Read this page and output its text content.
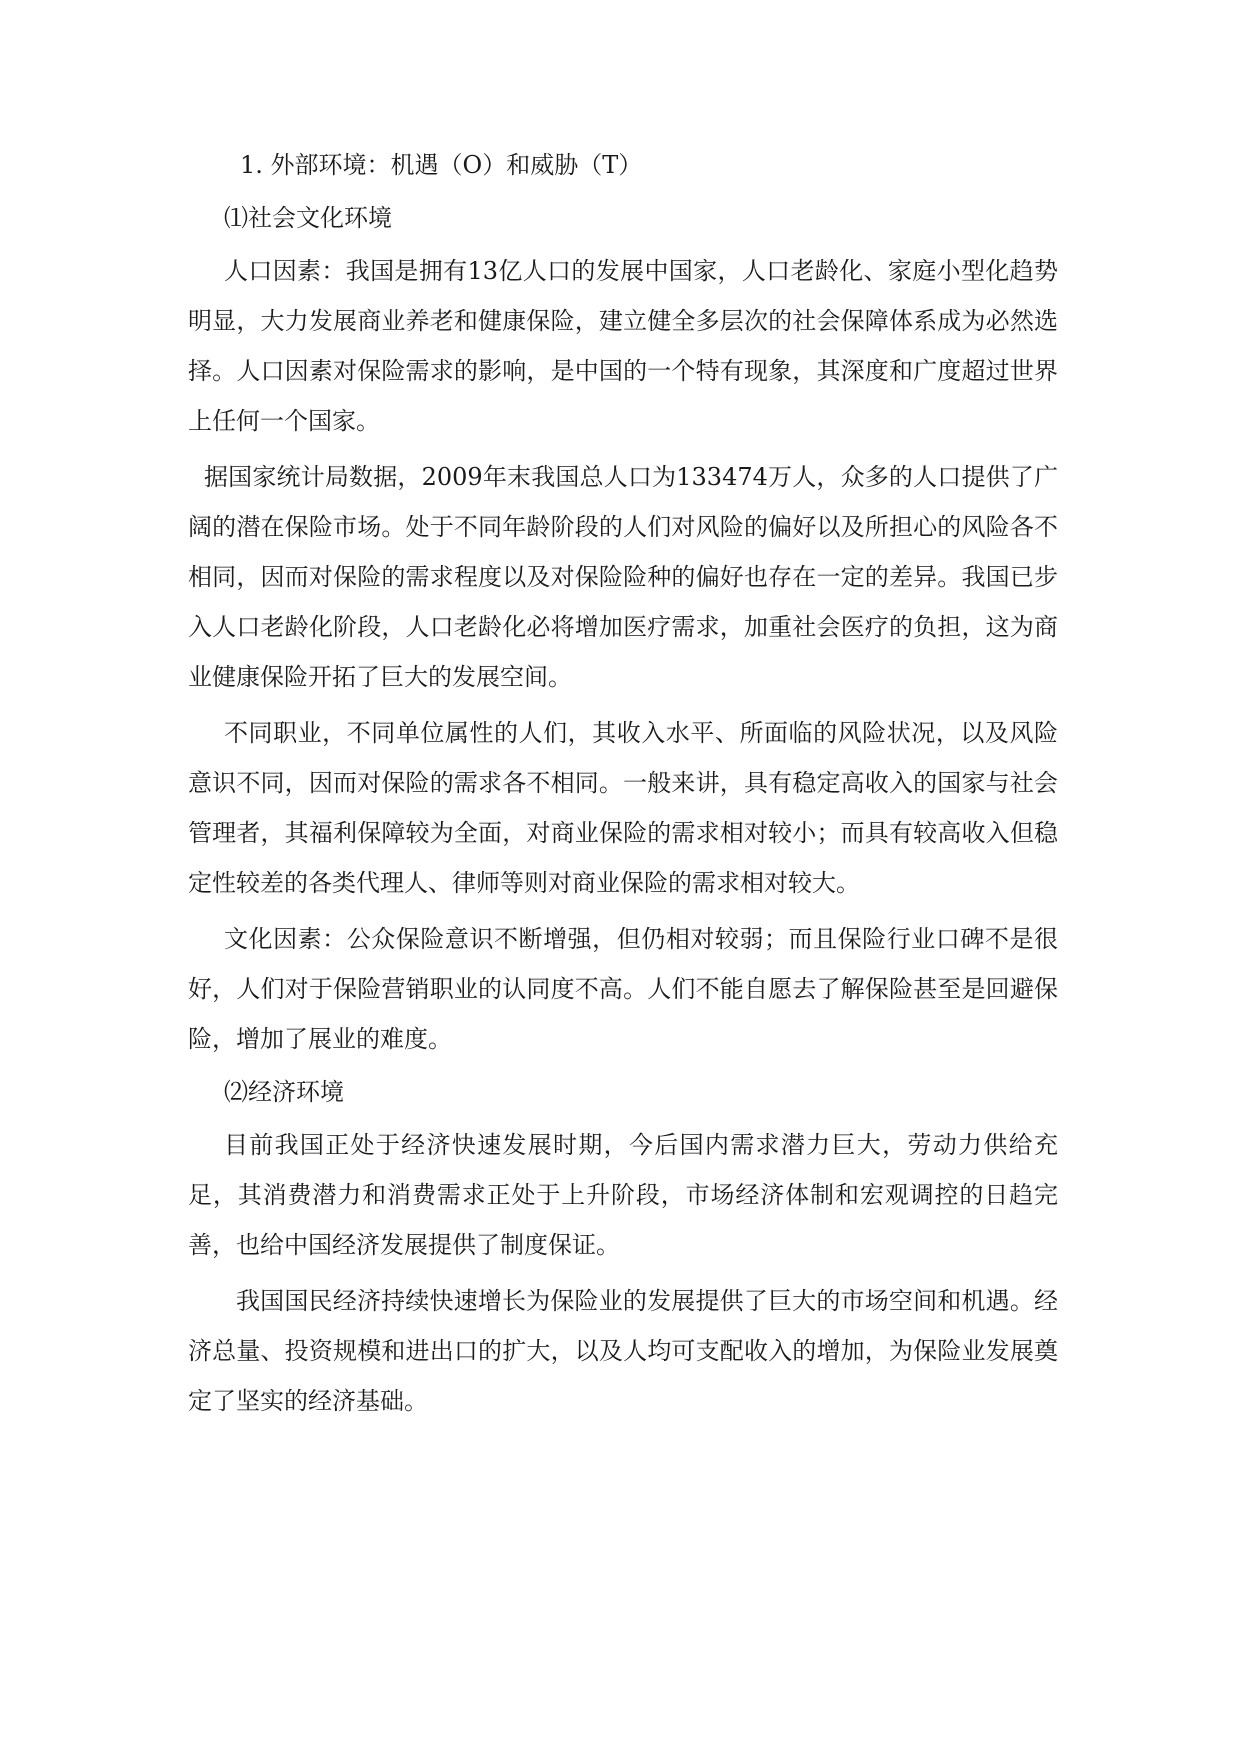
1. 外部环境：机遇（O）和威胁（T）

⑴社会文化环境

人口因素：我国是拥有13亿人口的发展中国家，人口老龄化、家庭小型化趋势明显，大力发展商业养老和健康保险，建立健全多层次的社会保障体系成为必然选择。人口因素对保险需求的影响，是中国的一个特有现象，其深度和广度超过世界上任何一个国家。

据国家统计局数据，2009年末我国总人口为133474万人，众多的人口提供了广阔的潜在保险市场。处于不同年龄阶段的人们对风险的偏好以及所担心的风险各不相同，因而对保险的需求程度以及对保险险种的偏好也存在一定的差异。我国已步入人口老龄化阶段，人口老龄化必将增加医疗需求，加重社会医疗的负担，这为商业健康保险开拓了巨大的发展空间。

不同职业，不同单位属性的人们，其收入水平、所面临的风险状况，以及风险意识不同，因而对保险的需求各不相同。一般来讲，具有稳定高收入的国家与社会管理者，其福利保障较为全面，对商业保险的需求相对较小；而具有较高收入但稳定性较差的各类代理人、律师等则对商业保险的需求相对较大。

文化因素：公众保险意识不断增强，但仍相对较弱；而且保险行业口碑不是很好，人们对于保险营销职业的认同度不高。人们不能自愿去了解保险甚至是回避保险，增加了展业的难度。

⑵经济环境

目前我国正处于经济快速发展时期，今后国内需求潜力巨大，劳动力供给充足，其消费潜力和消费需求正处于上升阶段，市场经济体制和宏观调控的日趋完善，也给中国经济发展提供了制度保证。

我国国民经济持续快速增长为保险业的发展提供了巨大的市场空间和机遇。经济总量、投资规模和进出口的扩大，以及人均可支配收入的增加，为保险业发展奠定了坚实的经济基础。
